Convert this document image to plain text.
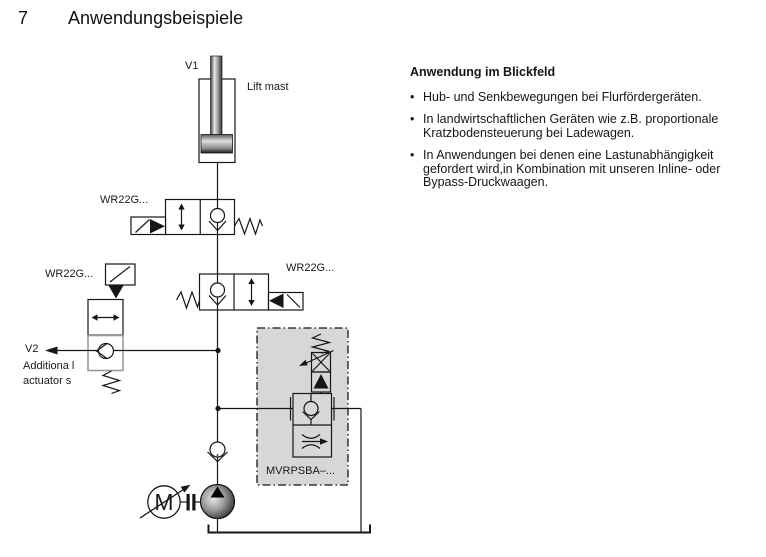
7 Anwendungsbeispiele
M
V1
Lift mast
WR22G...
WR22G...
WR22G...
V2
Additiona l
actuator s
MVRPSBA–...
Anwendung im Blickfeld
• Hub- und Senkbewegungen bei Flurfördergeräten.
• In landwirtschaftlichen Geräten wie z.B. proportionale
Kratzbodensteuerung bei Ladewagen.
• In Anwendungen bei denen eine Lastunabhängigkeit
gefordert wird,in Kombination mit unseren Inline- oder
Bypass-Druckwaagen.
